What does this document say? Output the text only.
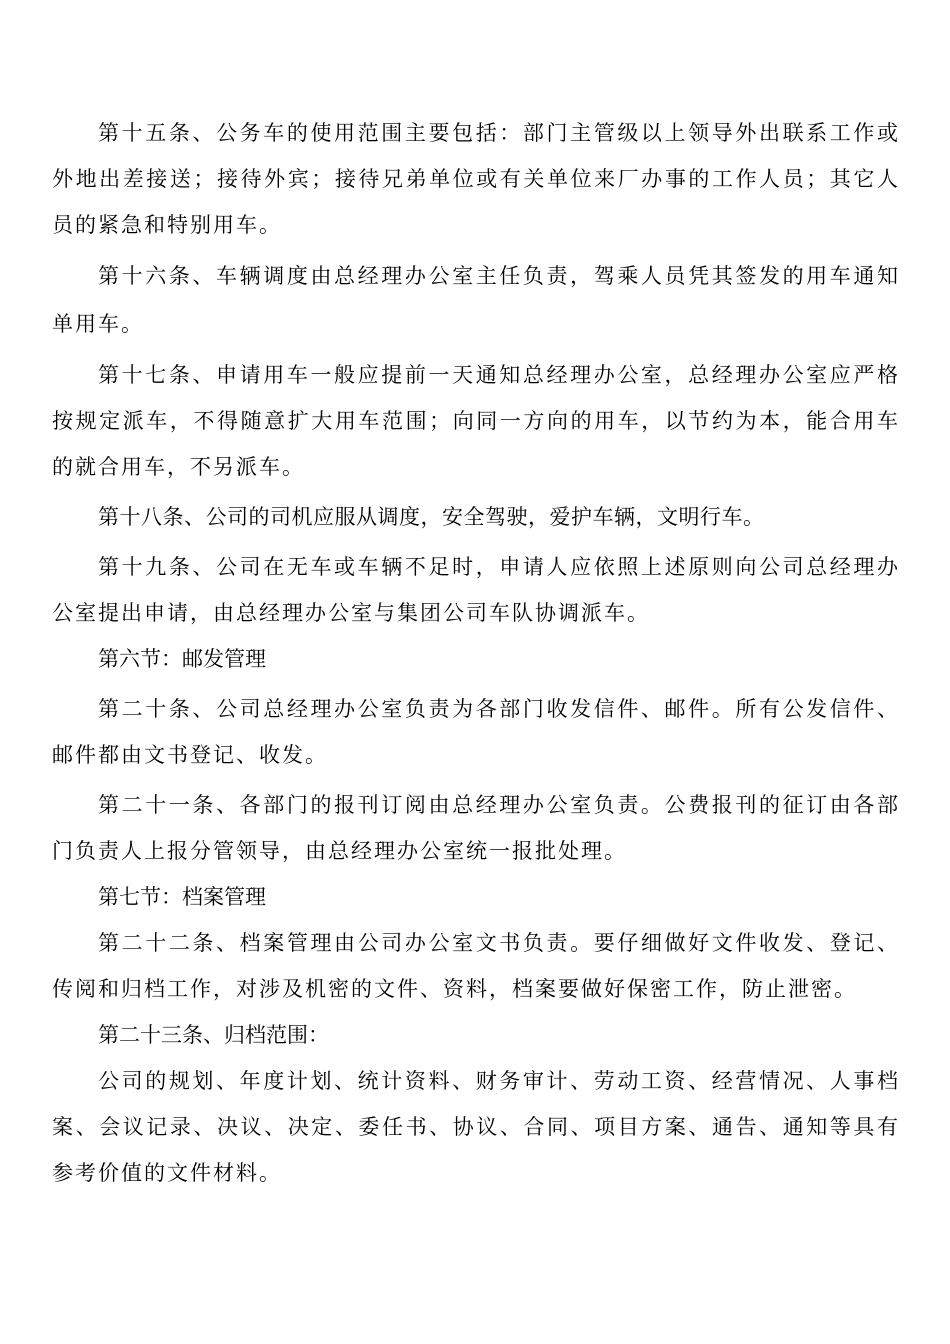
第十五条、公务车的使用范围主要包括：部门主管级以上领导外出联系工作或外地出差接送；接待外宾；接待兄弟单位或有关单位来厂办事的工作人员；其它人员的紧急和特别用车。

第十六条、车辆调度由总经理办公室主任负责，驾乘人员凭其签发的用车通知单用车。

第十七条、申请用车一般应提前一天通知总经理办公室，总经理办公室应严格按规定派车，不得随意扩大用车范围；向同一方向的用车，以节约为本，能合用车的就合用车，不另派车。

第十八条、公司的司机应服从调度，安全驾驶，爱护车辆，文明行车。

第十九条、公司在无车或车辆不足时，申请人应依照上述原则向公司总经理办公室提出申请，由总经理办公室与集团公司车队协调派车。

第六节：邮发管理

第二十条、公司总经理办公室负责为各部门收发信件、邮件。所有公发信件、邮件都由文书登记、收发。

第二十一条、各部门的报刊订阅由总经理办公室负责。公费报刊的征订由各部门负责人上报分管领导，由总经理办公室统一报批处理。

第七节：档案管理

第二十二条、档案管理由公司办公室文书负责。要仔细做好文件收发、登记、传阅和归档工作，对涉及机密的文件、资料，档案要做好保密工作，防止泄密。

第二十三条、归档范围：

公司的规划、年度计划、统计资料、财务审计、劳动工资、经营情况、人事档案、会议记录、决议、决定、委任书、协议、合同、项目方案、通告、通知等具有参考价值的文件材料。
